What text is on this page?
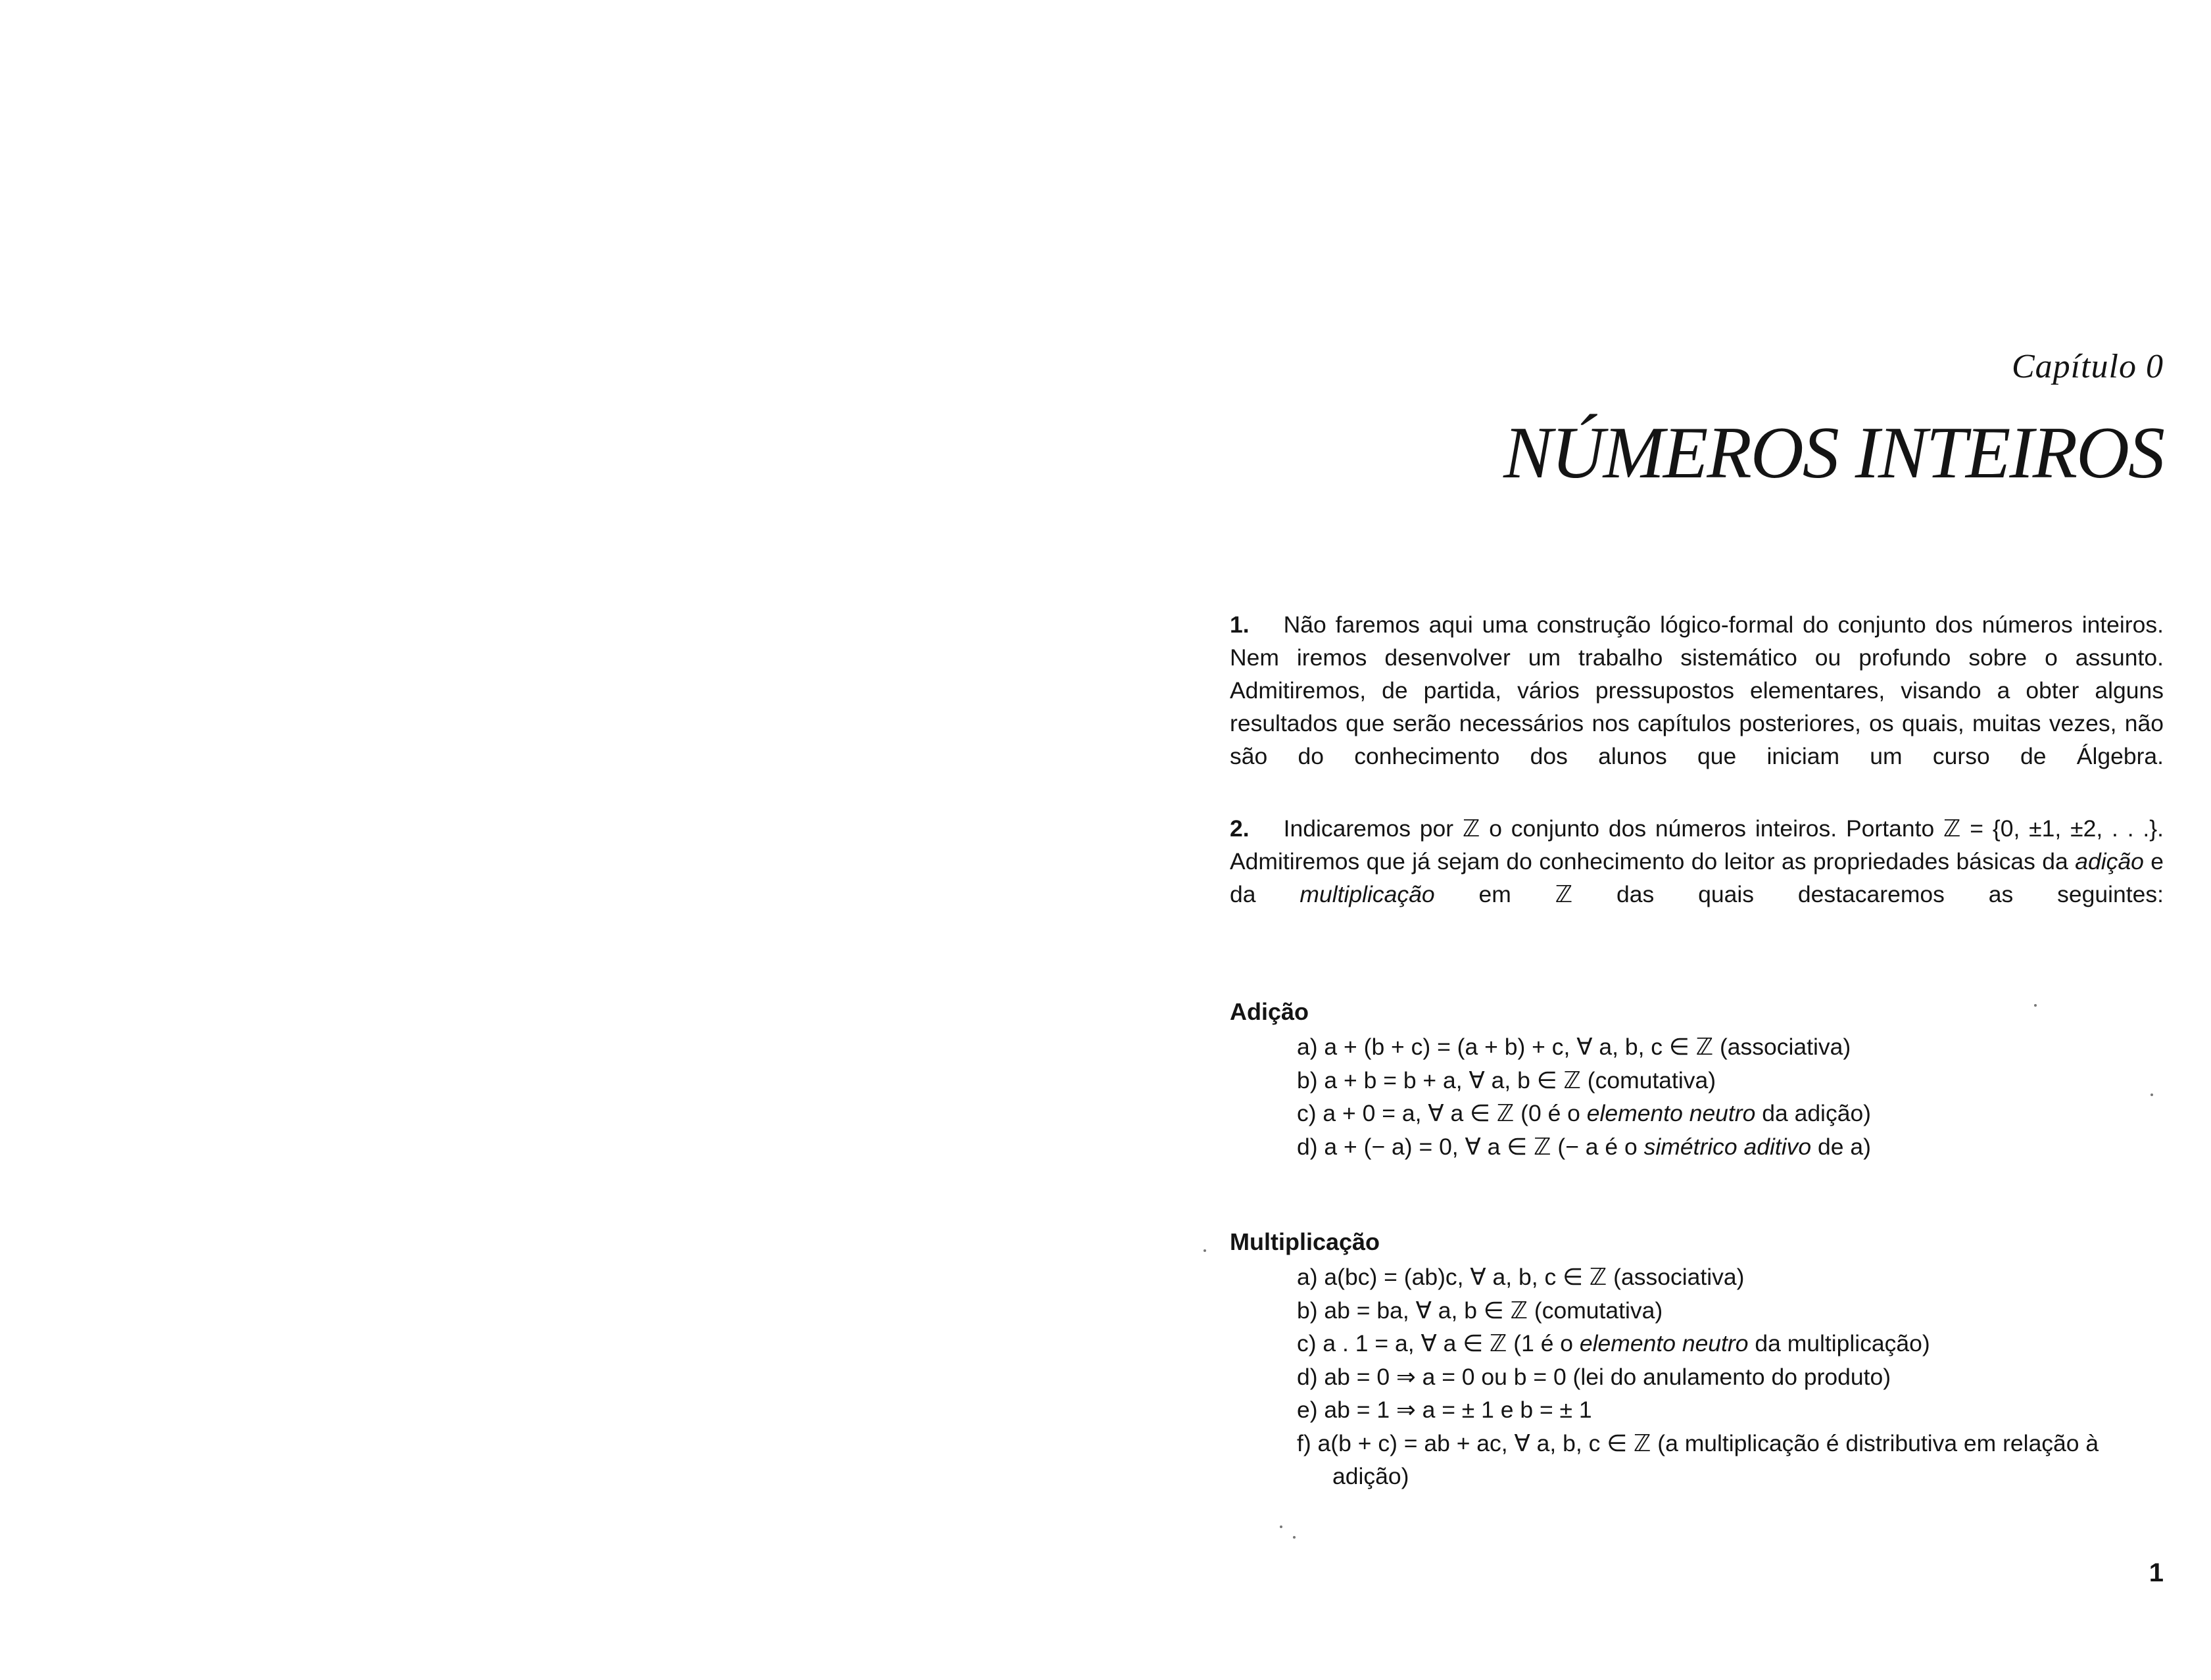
Capítulo 0
NÚMEROS INTEIROS
1. Não faremos aqui uma construção lógico-formal do conjunto dos números inteiros. Nem iremos desenvolver um trabalho sistemático ou profundo sobre o assunto. Admitiremos, de partida, vários pressupostos elementares, visando a obter alguns resultados que serão necessários nos capítulos posteriores, os quais, muitas vezes, não são do conhecimento dos alunos que iniciam um curso de Álgebra.
2. Indicaremos por ℤ o conjunto dos números inteiros. Portanto ℤ = {0, ±1, ±2, . . .}. Admitiremos que já sejam do conhecimento do leitor as propriedades básicas da adição e da multiplicação em ℤ das quais destacaremos as seguintes:
Adição
a) a + (b + c) = (a + b) + c, ∀ a, b, c ∈ ℤ (associativa)
b) a + b = b + a, ∀ a, b ∈ ℤ (comutativa)
c) a + 0 = a, ∀ a ∈ ℤ (0 é o elemento neutro da adição)
d) a + (− a) = 0, ∀ a ∈ ℤ (− a é o simétrico aditivo de a)
Multiplicação
a) a(bc) = (ab)c, ∀ a, b, c ∈ ℤ (associativa)
b) ab = ba, ∀ a, b ∈ ℤ (comutativa)
c) a . 1 = a, ∀ a ∈ ℤ (1 é o elemento neutro da multiplicação)
d) ab = 0 ⇒ a = 0 ou b = 0 (lei do anulamento do produto)
e) ab = 1 ⇒ a = ± 1 e b = ± 1
f) a(b + c) = ab + ac, ∀ a, b, c ∈ ℤ (a multiplicação é distributiva em relação à adição)
1
